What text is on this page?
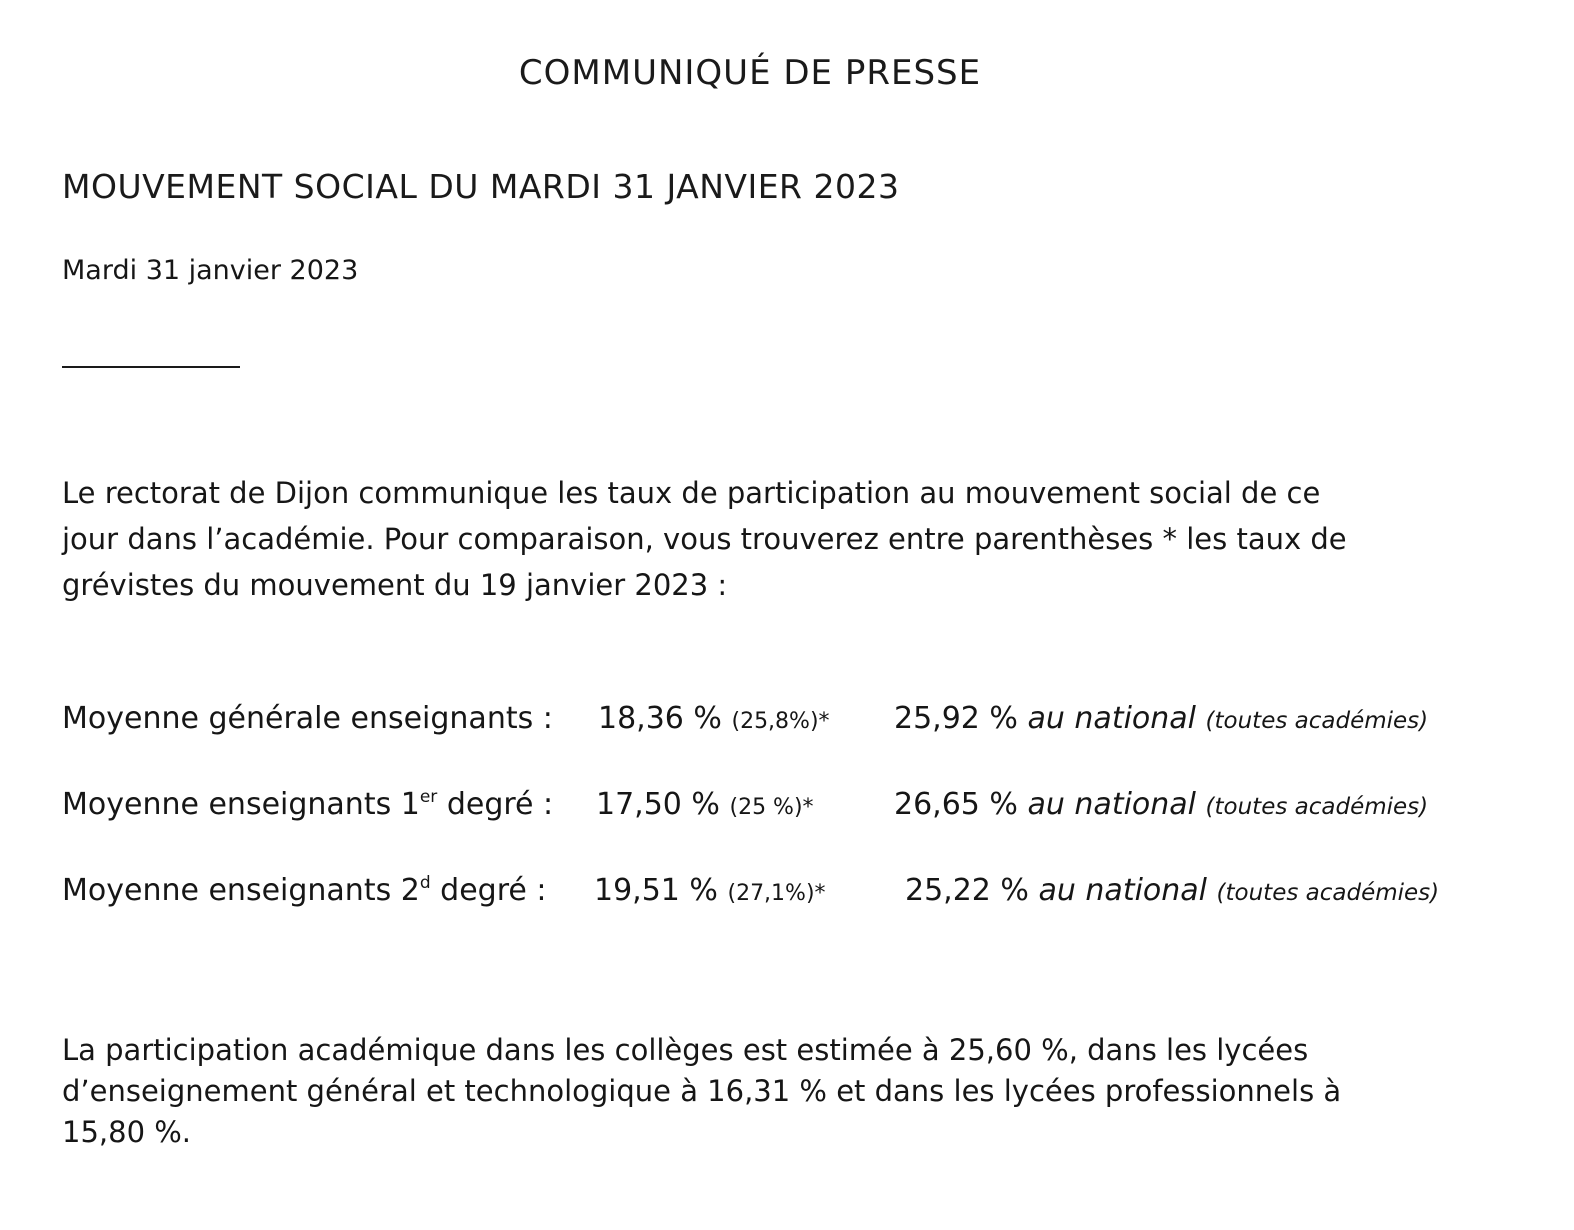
COMMUNIQUÉ DE PRESSE
MOUVEMENT SOCIAL DU MARDI 31 JANVIER 2023
Mardi 31 janvier 2023

Le rectorat de Dijon communique les taux de participation au mouvement social de ce

jour dans l’académie. Pour comparaison, vous trouverez entre parenthèses * les taux de

grévistes du mouvement du 19 janvier 2023 :

Moyenne générale enseignants : 18,36 % (25,8%)* 25,92 % au national (toutes académies)
Moyenne enseignants 1er degré : 17,50 % (25 %)*	26,65 % au national (toutes académies)
Moyenne enseignants 2$^d$ degré : 19,51 % (27,1%)*	25,22 % au national (toutes académies)

La participation académique dans les collèges est estimée à 25,60 %, dans les lycées

d’enseignement général et technologique à 16,31 % et dans les lycées professionnels à

15,80 %.
